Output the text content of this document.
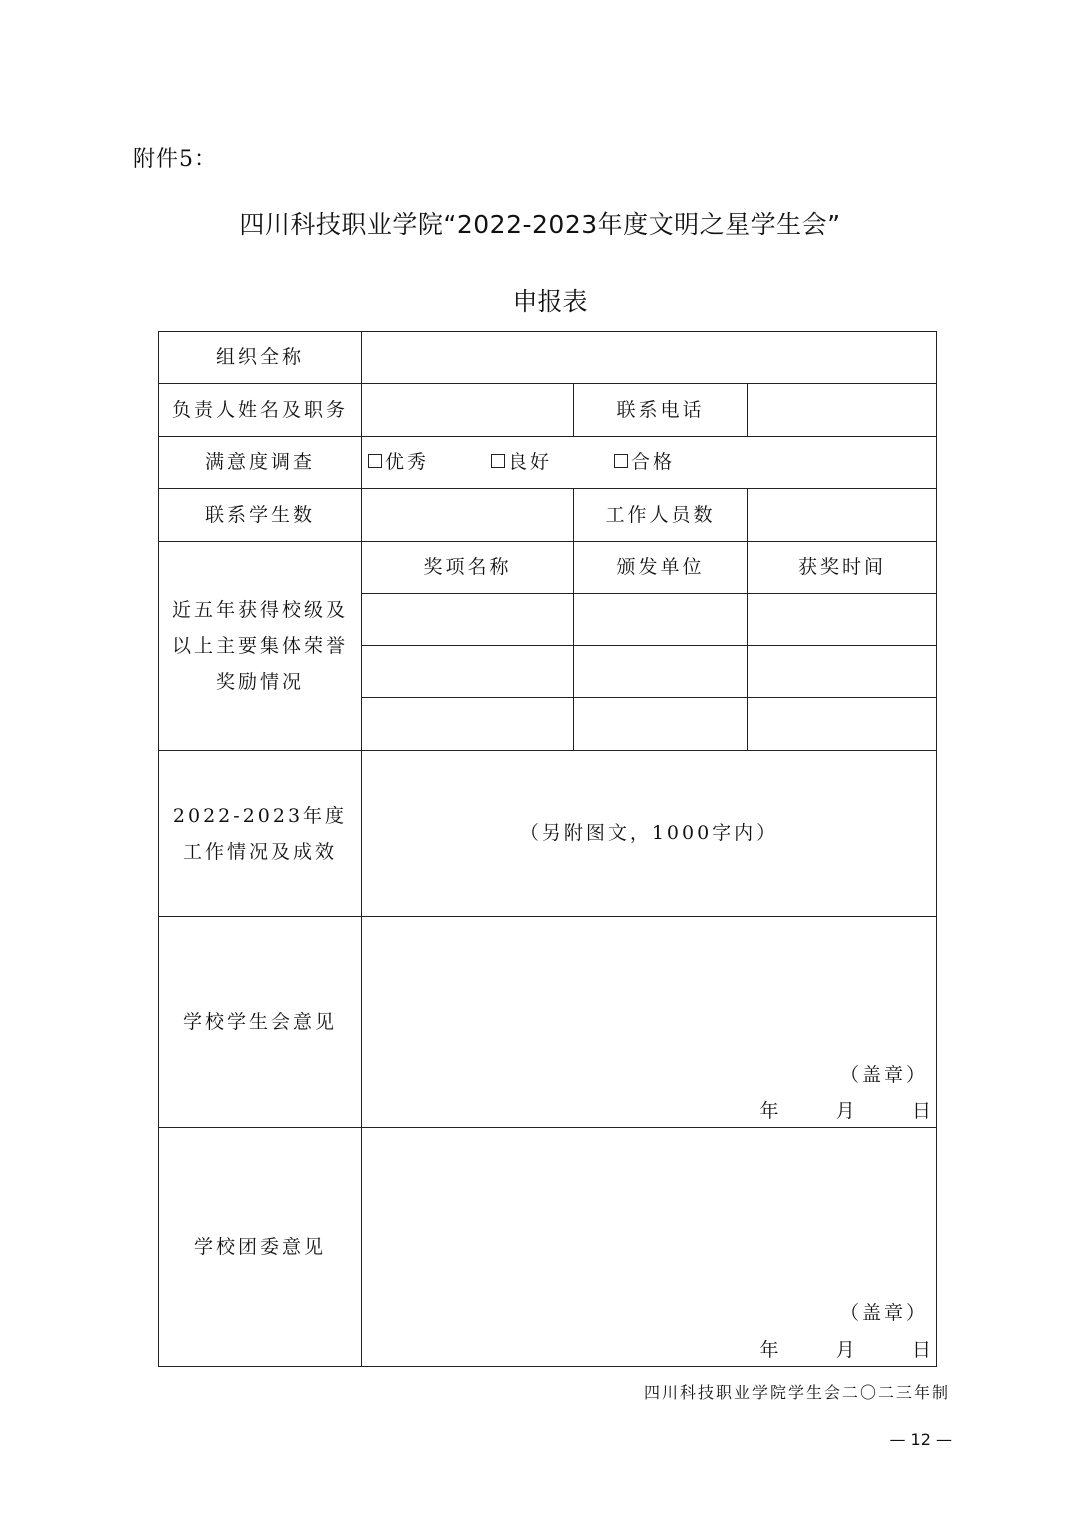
附件5：
四川科技职业学院“2022-2023年度文明之星学生会”
申报表
组织全称			
负责人姓名及职务		联系电话	
满意度调查	优秀 良好 合格		
联系学生数		工作人员数	
近五年获得校级及以上主要集体荣誉奖励情况	奖项名称	颁发单位	获奖时间

2022-2023年度工作情况及成效	（另附图文，1000字内）		
学校学生会意见	（盖章）
年      月      日		

学校团委意见	（盖章）
年      月      日		
四川科技职业学院学生会二〇二三年制
— 12 —
